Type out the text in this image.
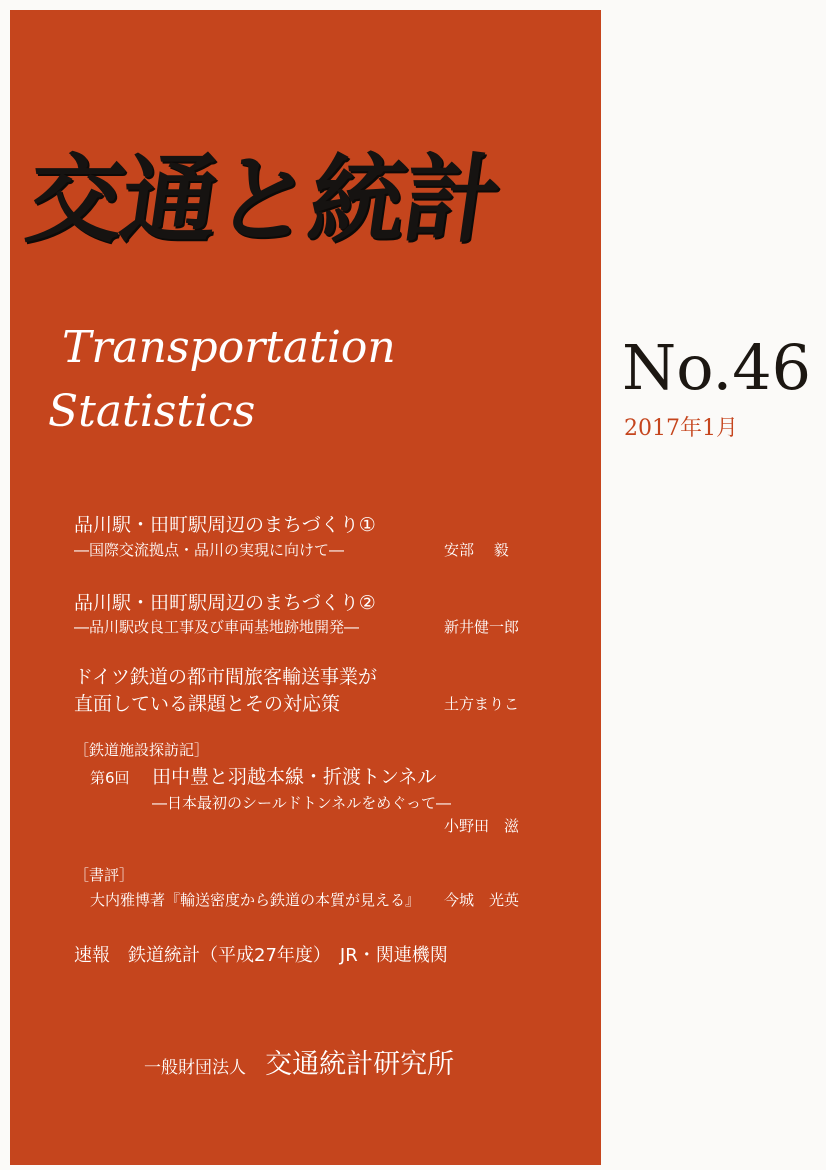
交通と統計
Transportation
Statistics
No.46
2017年1月
品川駅・田町駅周辺のまちづくり①
―国際交流拠点・品川の実現に向けて―	安部　 毅
品川駅・田町駅周辺のまちづくり②
―品川駅改良工事及び車両基地跡地開発―	新井健一郎
ドイツ鉄道の都市間旅客輸送事業が
直面している課題とその対応策	土方まりこ
［鉄道施設探訪記］
第6回 田中豊と羽越本線・折渡トンネル
―日本最初のシールドトンネルをめぐって―
小野田　滋
［書評］
大内雅博著『輸送密度から鉄道の本質が見える』 今城　光英
速報　鉄道統計（平成27年度）　JR・関連機関
一般財団法人 交通統計研究所
